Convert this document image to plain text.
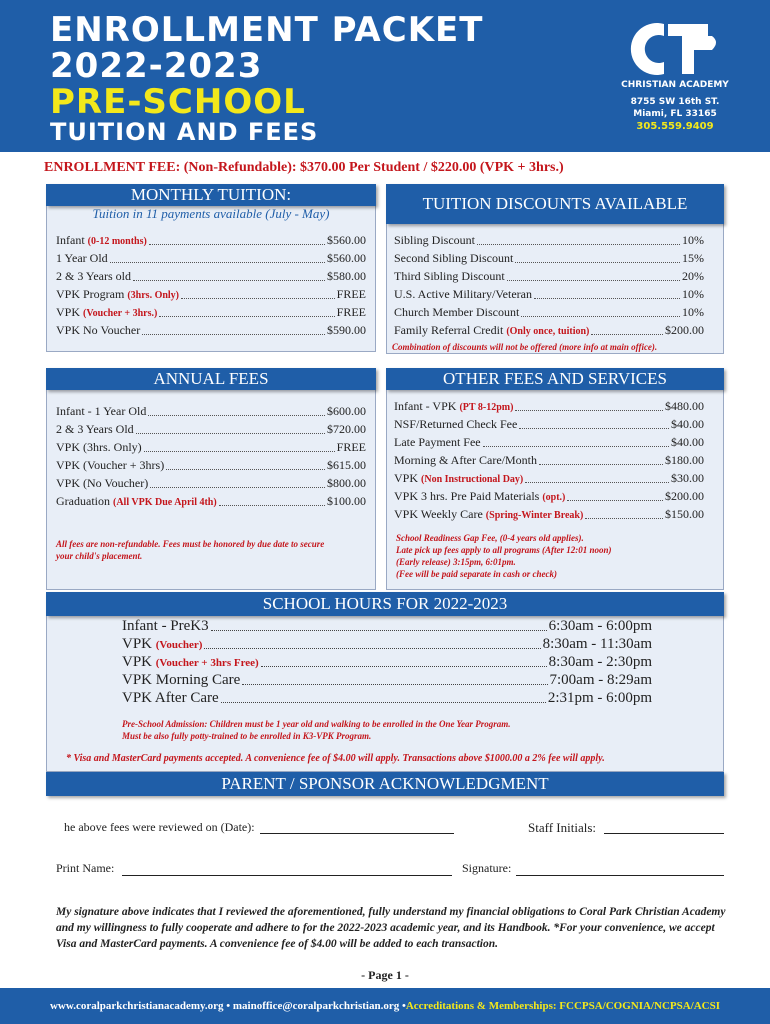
ENROLLMENT PACKET
2022-2023
PRE-SCHOOL
TUITION AND FEES
CHRISTIAN ACADEMY
8755 SW 16th ST.
Miami, FL 33165
305.559.9409
ENROLLMENT FEE: (Non-Refundable): $370.00 Per Student / $220.00 (VPK + 3hrs.)
MONTHLY TUITION:
Tuition in 11 payments available (July - May)
Infant (0-12 months)	$560.00
1 Year Old	$560.00
2 & 3 Years old	$580.00
VPK Program (3hrs. Only)	FREE
VPK (Voucher + 3hrs.)	FREE
VPK No Voucher	$590.00
TUITION DISCOUNTS AVAILABLE
Sibling Discount	10%
Second Sibling Discount	15%
Third Sibling Discount	20%
U.S. Active Military/Veteran	10%
Church Member Discount	10%
Family Referral Credit (Only once, tuition)	$200.00
Combination of discounts will not be offered (more info at main office).
ANNUAL FEES
Infant - 1 Year Old	$600.00
2 & 3 Years Old	$720.00
VPK (3hrs. Only)	FREE
VPK (Voucher + 3hrs)	$615.00
VPK (No Voucher)	$800.00
Graduation (All VPK Due April 4th)	$100.00
All fees are non-refundable. Fees must be honored by due date to secure
your child's placement.
OTHER FEES AND SERVICES
Infant - VPK (PT 8-12pm)	$480.00
NSF/Returned Check Fee	$40.00
Late Payment Fee	$40.00
Morning & After Care/Month	$180.00
VPK (Non Instructional Day)	$30.00
VPK 3 hrs. Pre Paid Materials (opt.)	$200.00
VPK Weekly Care (Spring-Winter Break)	$150.00
School Readiness Gap Fee, (0-4 years old applies).
Late pick up fees apply to all programs (After 12:01 noon)
(Early release) 3:15pm, 6:01pm.
(Fee will be paid separate in cash or check)
SCHOOL HOURS FOR 2022-2023
Infant - PreK3	6:30am - 6:00pm
VPK (Voucher)	8:30am - 11:30am
VPK (Voucher + 3hrs Free)	8:30am - 2:30pm
VPK Morning Care	7:00am - 8:29am
VPK After Care	2:31pm - 6:00pm
Pre-School Admission: Children must be 1 year old and walking to be enrolled in the One Year Program.
Must be also fully potty-trained to be enrolled in K3-VPK Program.
* Visa and MasterCard payments accepted. A convenience fee of $4.00 will apply. Transactions above $1000.00 a 2% fee will apply.
PARENT / SPONSOR ACKNOWLEDGMENT
he above fees were reviewed on (Date):	Staff Initials:
Print Name:	Signature:
My signature above indicates that I reviewed the aforementioned, fully understand my financial obligations to Coral Park Christian Academy and my willingness to fully cooperate and adhere to for the 2022-2023 academic year, and its Handbook. *For your convenience, we accept Visa and MasterCard payments. A convenience fee of $4.00 will be added to each transaction.
- Page 1 -
www.coralparkchristianacademy.org • mainoffice@coralparkchristian.org • Accreditations & Memberships: FCCPSA/COGNIA/NCPSA/ACSI
